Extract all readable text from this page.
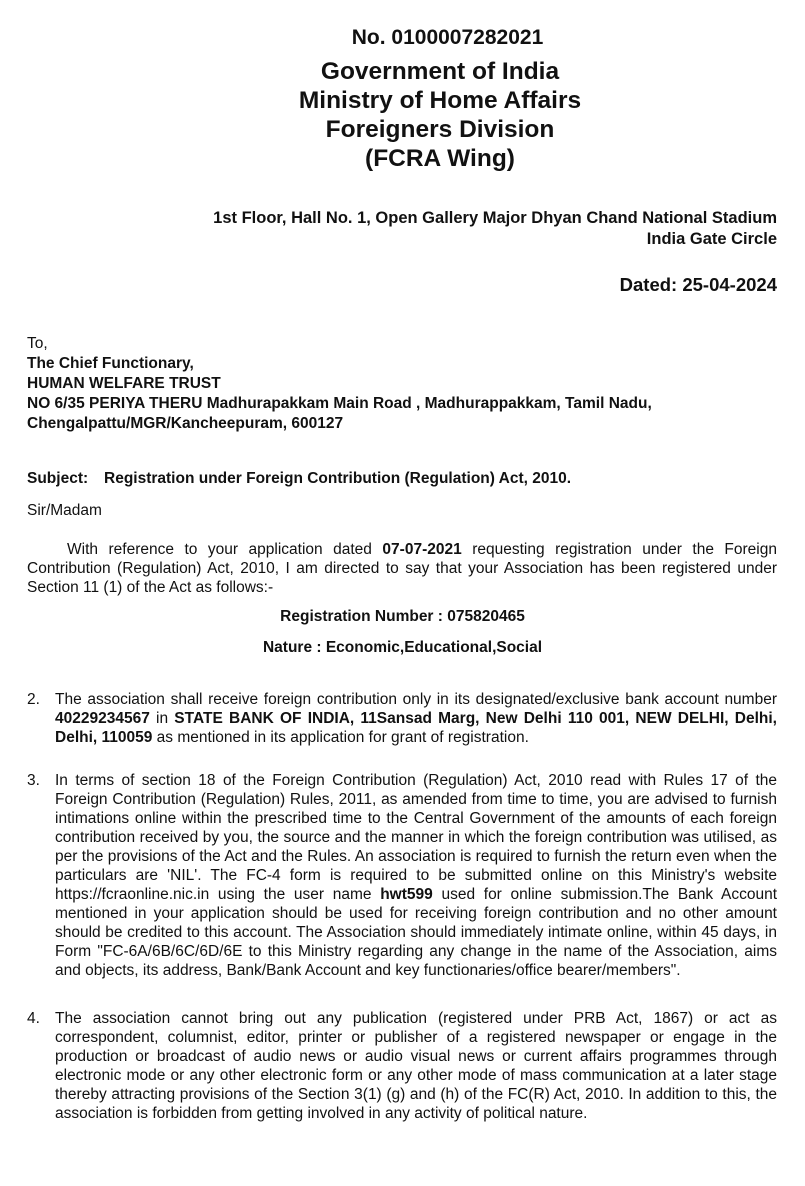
No. 0100007282021
Government of India
Ministry of Home Affairs
Foreigners Division
(FCRA Wing)
1st Floor, Hall No. 1, Open Gallery Major Dhyan Chand National Stadium
India Gate Circle
Dated: 25-04-2024
To,
The Chief Functionary,
HUMAN WELFARE TRUST
NO 6/35 PERIYA THERU Madhurapakkam Main Road , Madhurappakkam, Tamil Nadu,
Chengalpattu/MGR/Kancheepuram, 600127
Subject: Registration under Foreign Contribution (Regulation) Act, 2010.
Sir/Madam
With reference to your application dated 07-07-2021 requesting registration under the Foreign Contribution (Regulation) Act, 2010, I am directed to say that your Association has been registered under Section 11 (1) of the Act as follows:-
Registration Number : 075820465
Nature : Economic,Educational,Social
2. The association shall receive foreign contribution only in its designated/exclusive bank account number 40229234567 in STATE BANK OF INDIA, 11Sansad Marg, New Delhi 110 001, NEW DELHI, Delhi, Delhi, 110059 as mentioned in its application for grant of registration.
3. In terms of section 18 of the Foreign Contribution (Regulation) Act, 2010 read with Rules 17 of the Foreign Contribution (Regulation) Rules, 2011, as amended from time to time, you are advised to furnish intimations online within the prescribed time to the Central Government of the amounts of each foreign contribution received by you, the source and the manner in which the foreign contribution was utilised, as per the provisions of the Act and the Rules. An association is required to furnish the return even when the particulars are 'NIL'. The FC-4 form is required to be submitted online on this Ministry's website https://fcraonline.nic.in using the user name hwt599 used for online submission.The Bank Account mentioned in your application should be used for receiving foreign contribution and no other amount should be credited to this account. The Association should immediately intimate online, within 45 days, in Form "FC-6A/6B/6C/6D/6E to this Ministry regarding any change in the name of the Association, aims and objects, its address, Bank/Bank Account and key functionaries/office bearer/members".
4. The association cannot bring out any publication (registered under PRB Act, 1867) or act as correspondent, columnist, editor, printer or publisher of a registered newspaper or engage in the production or broadcast of audio news or audio visual news or current affairs programmes through electronic mode or any other electronic form or any other mode of mass communication at a later stage thereby attracting provisions of the Section 3(1) (g) and (h) of the FC(R) Act, 2010. In addition to this, the association is forbidden from getting involved in any activity of political nature.
